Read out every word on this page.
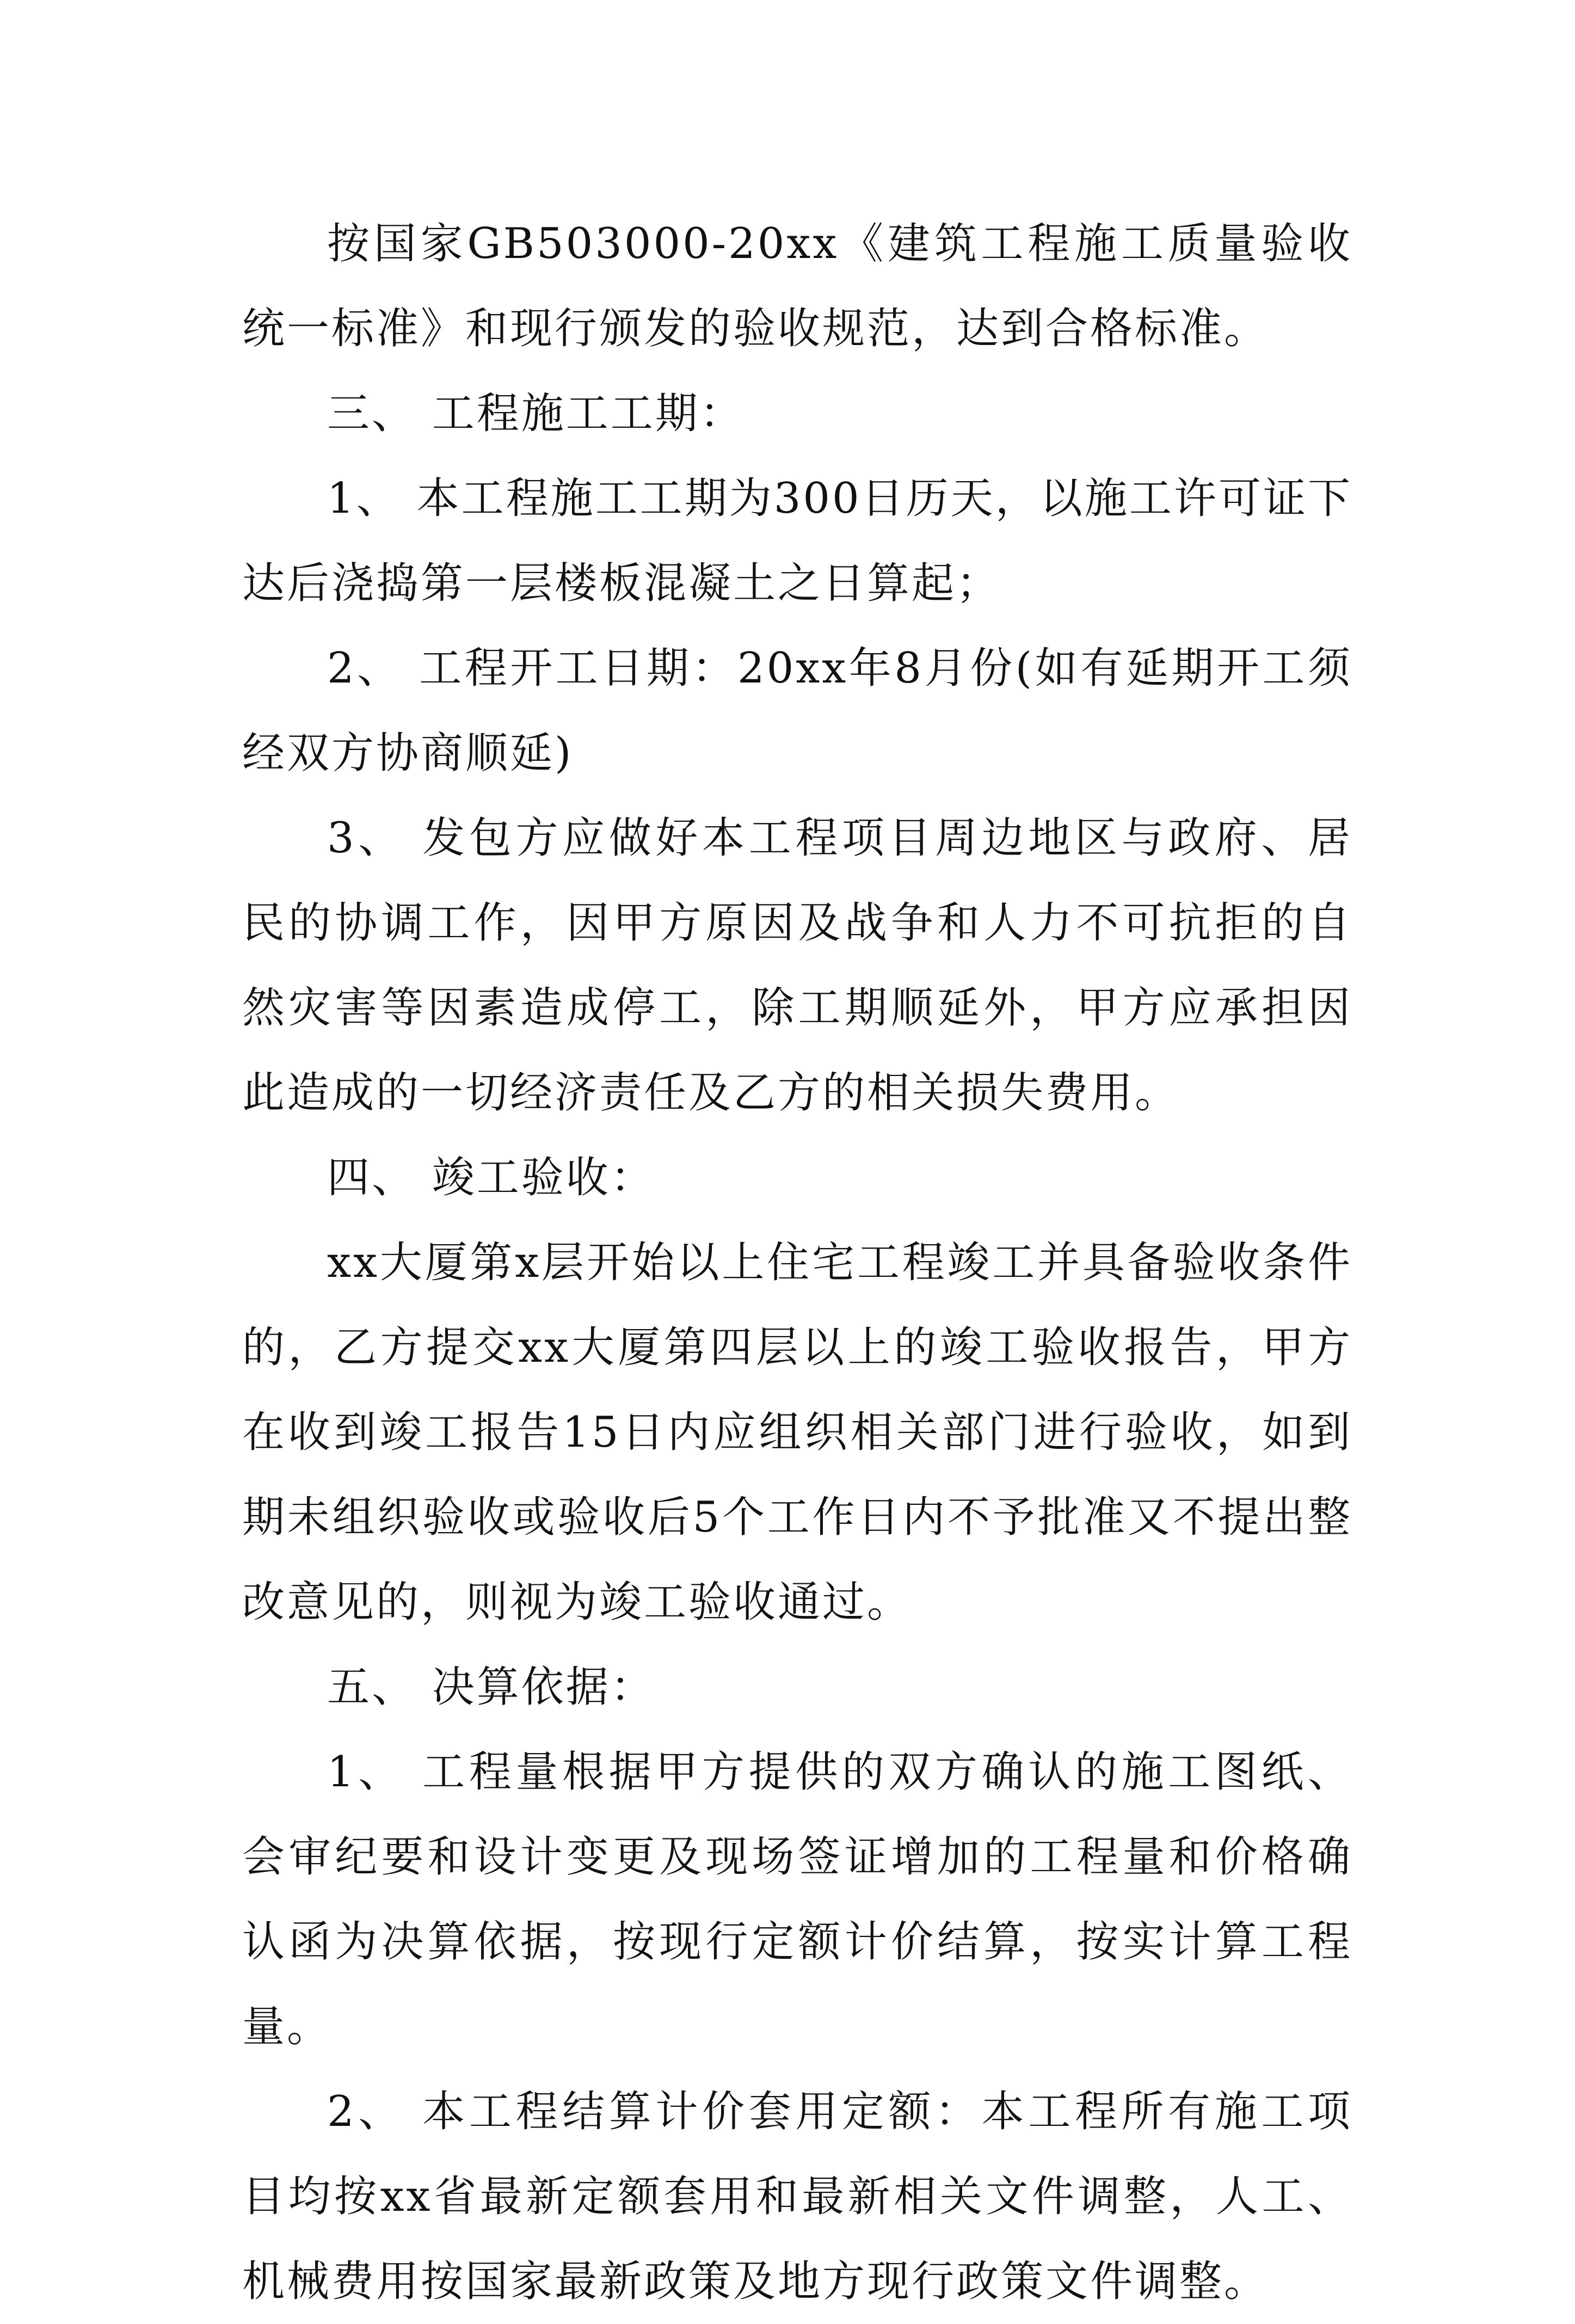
按国家GB503000-20xx《建筑工程施工质量验收统一标准》和现行颁发的验收规范，达到合格标准。

三、 工程施工工期：

1、 本工程施工工期为300日历天，以施工许可证下达后浇捣第一层楼板混凝土之日算起；

2、 工程开工日期：20xx年8月份(如有延期开工须经双方协商顺延)

3、 发包方应做好本工程项目周边地区与政府、居民的协调工作，因甲方原因及战争和人力不可抗拒的自然灾害等因素造成停工，除工期顺延外，甲方应承担因此造成的一切经济责任及乙方的相关损失费用。

四、 竣工验收：

xx大厦第x层开始以上住宅工程竣工并具备验收条件的，乙方提交xx大厦第四层以上的竣工验收报告，甲方在收到竣工报告15日内应组织相关部门进行验收，如到期未组织验收或验收后5个工作日内不予批准又不提出整改意见的，则视为竣工验收通过。

五、 决算依据：

1、 工程量根据甲方提供的双方确认的施工图纸、会审纪要和设计变更及现场签证增加的工程量和价格确认函为决算依据，按现行定额计价结算，按实计算工程量。

2、 本工程结算计价套用定额：本工程所有施工项目均按xx省最新定额套用和最新相关文件调整，人工、机械费用按国家最新政策及地方现行政策文件调整。
